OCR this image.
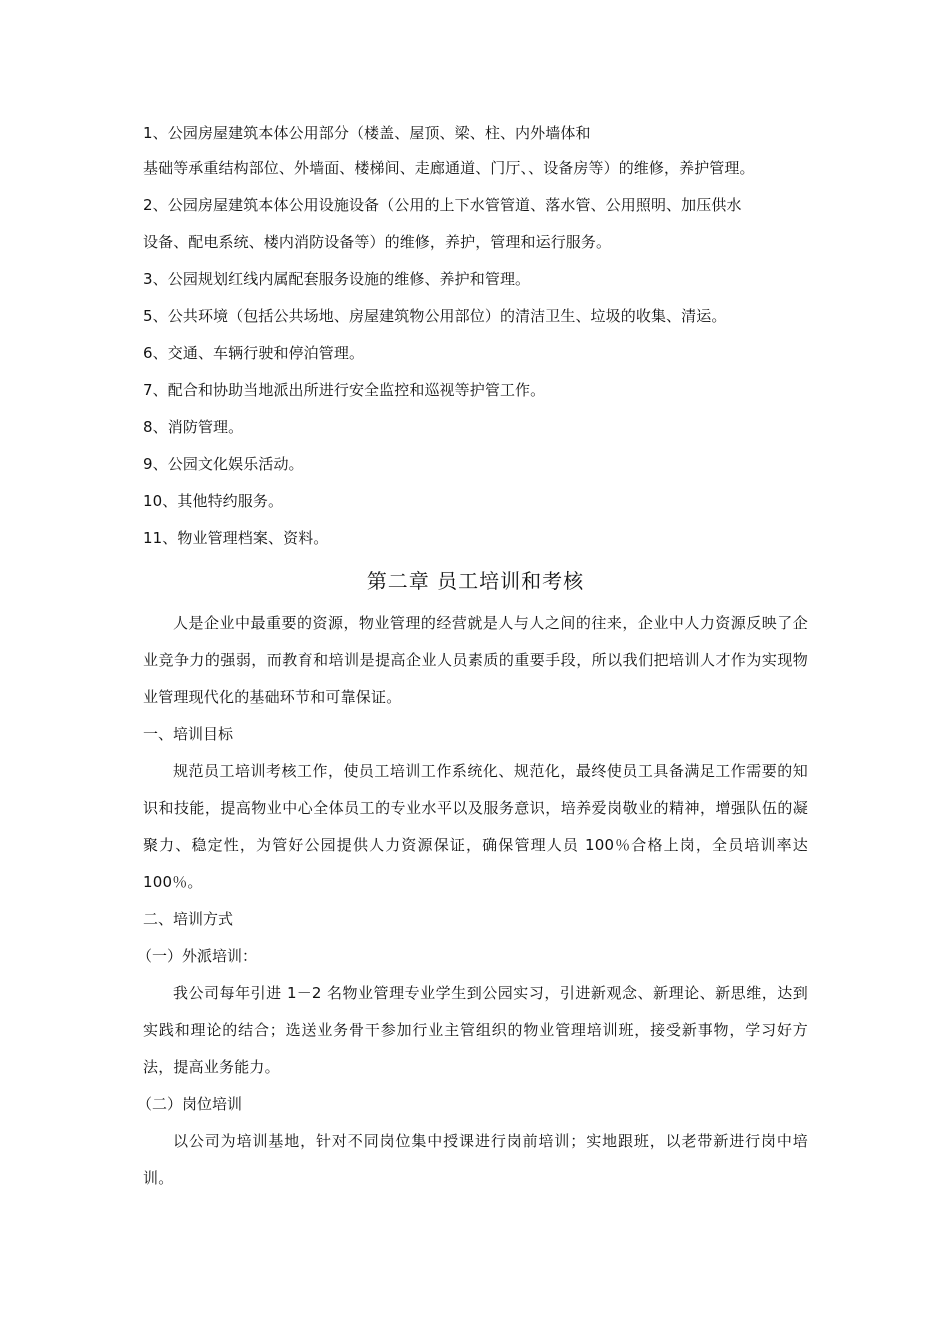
1、公园房屋建筑本体公用部分（楼盖、屋顶、梁、柱、内外墙体和
基础等承重结构部位、外墙面、楼梯间、走廊通道、门厅、、设备房等）的维修，养护管理。
2、公园房屋建筑本体公用设施设备（公用的上下水管管道、落水管、公用照明、加压供水
设备、配电系统、楼内消防设备等）的维修，养护，管理和运行服务。
3、公园规划红线内属配套服务设施的维修、养护和管理。
5、公共环境（包括公共场地、房屋建筑物公用部位）的清洁卫生、垃圾的收集、清运。
6、交通、车辆行驶和停泊管理。
7、配合和协助当地派出所进行安全监控和巡视等护管工作。
8、消防管理。
9、公园文化娱乐活动。
10、其他特约服务。
11、物业管理档案、资料。
第二章 员工培训和考核

人是企业中最重要的资源，物业管理的经营就是人与人之间的往来，企业中人力资源反映了企业竞争力的强弱，而教育和培训是提高企业人员素质的重要手段，所以我们把培训人才作为实现物业管理现代化的基础环节和可靠保证。

一、培训目标

规范员工培训考核工作，使员工培训工作系统化、规范化，最终使员工具备满足工作需要的知识和技能，提高物业中心全体员工的专业水平以及服务意识，培养爱岗敬业的精神，增强队伍的凝聚力、稳定性，为管好公园提供人力资源保证，确保管理人员 100％合格上岗，全员培训率达 100％。

二、培训方式
（一）外派培训：

我公司每年引进 1－2 名物业管理专业学生到公园实习，引进新观念、新理论、新思维，达到实践和理论的结合；选送业务骨干参加行业主管组织的物业管理培训班，接受新事物，学习好方法，提高业务能力。

（二）岗位培训

以公司为培训基地，针对不同岗位集中授课进行岗前培训；实地跟班，以老带新进行岗中培训。
